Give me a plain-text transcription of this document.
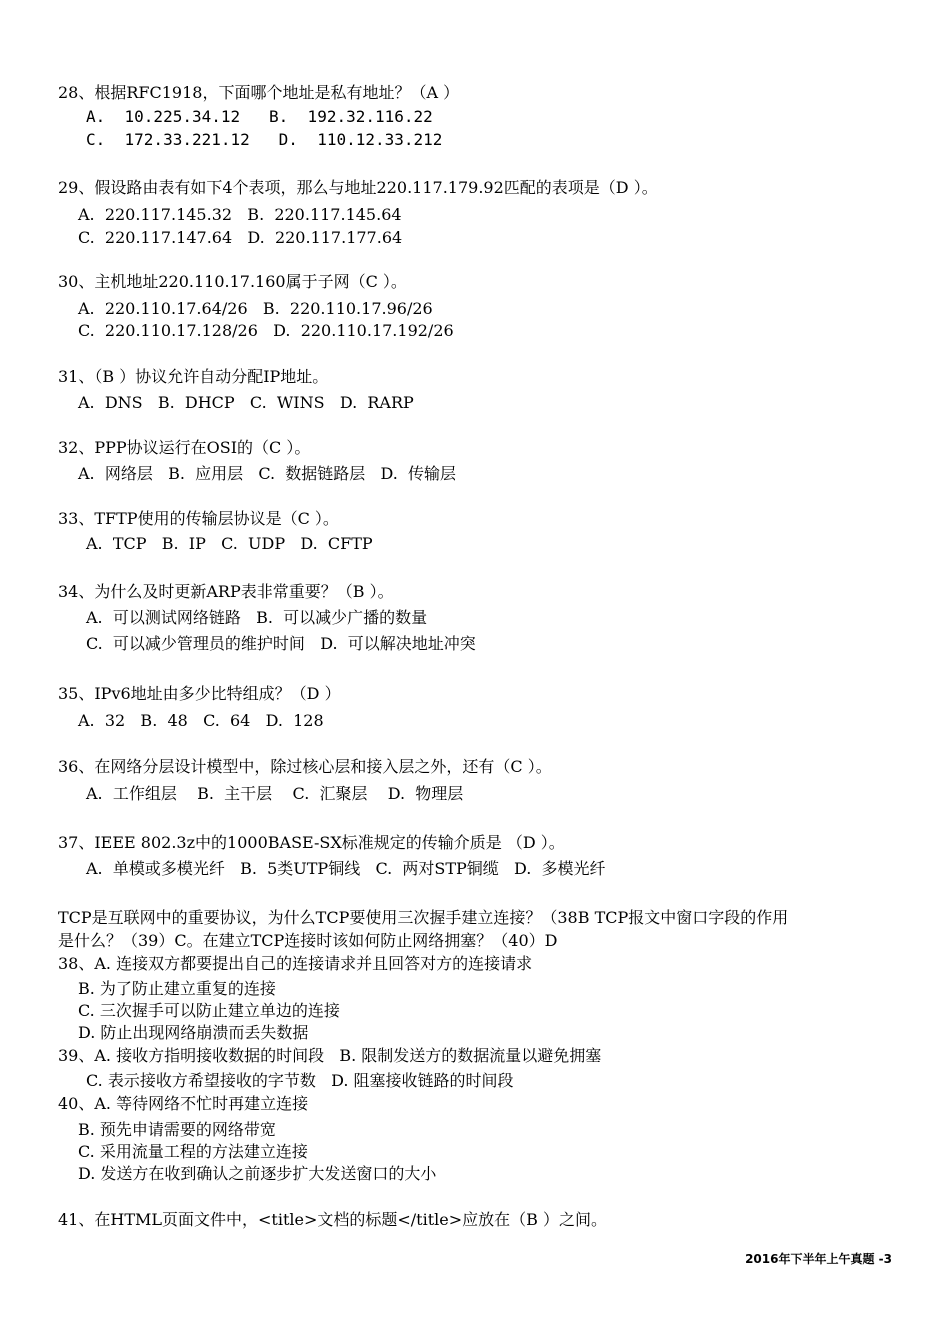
28、根据RFC1918，下面哪个地址是私有地址？（A ）
A.  10.225.34.12   B.  192.32.116.22
C.  172.33.221.12   D.  110.12.33.212
29、假设路由表有如下4个表项，那么与地址220.117.179.92匹配的表项是（D ）。
A.  220.117.145.32   B.  220.117.145.64
C.  220.117.147.64   D.  220.117.177.64
30、主机地址220.110.17.160属于子网（C ）。
A.  220.110.17.64/26   B.  220.110.17.96/26
C.  220.110.17.128/26   D.  220.110.17.192/26
31、（B ）协议允许自动分配IP地址。
A.  DNS   B.  DHCP   C.  WINS   D.  RARP
32、PPP协议运行在OSI的（C ）。
A.  网络层   B.  应用层   C.  数据链路层   D.  传输层
33、TFTP使用的传输层协议是（C ）。
A.  TCP   B.  IP   C.  UDP   D.  CFTP
34、为什么及时更新ARP表非常重要？（B ）。
A.  可以测试网络链路   B.  可以减少广播的数量
C.  可以减少管理员的维护时间   D.  可以解决地址冲突
35、IPv6地址由多少比特组成？（D ）
A.  32   B.  48   C.  64   D.  128
36、在网络分层设计模型中，除过核心层和接入层之外，还有（C ）。
A.  工作组层    B.  主干层    C.  汇聚层    D.  物理层
37、IEEE 802.3z中的1000BASE-SX标准规定的传输介质是 （D ）。
A.  单模或多模光纤   B.  5类UTP铜线   C.  两对STP铜缆   D.  多模光纤
TCP是互联网中的重要协议，为什么TCP要使用三次握手建立连接？（38B TCP报文中窗口字段的作用
是什么？（39）C。在建立TCP连接时该如何防止网络拥塞？（40）D
38、A. 连接双方都要提出自己的连接请求并且回答对方的连接请求
B. 为了防止建立重复的连接
C. 三次握手可以防止建立单边的连接
D. 防止出现网络崩溃而丢失数据
39、A. 接收方指明接收数据的时间段   B. 限制发送方的数据流量以避免拥塞
C. 表示接收方希望接收的字节数   D. 阻塞接收链路的时间段
40、A. 等待网络不忙时再建立连接
B. 预先申请需要的网络带宽
C. 采用流量工程的方法建立连接
D. 发送方在收到确认之前逐步扩大发送窗口的大小
41、在HTML页面文件中，<title>文档的标题</title>应放在（B ）之间。
2016年下半年上午真题 -3
